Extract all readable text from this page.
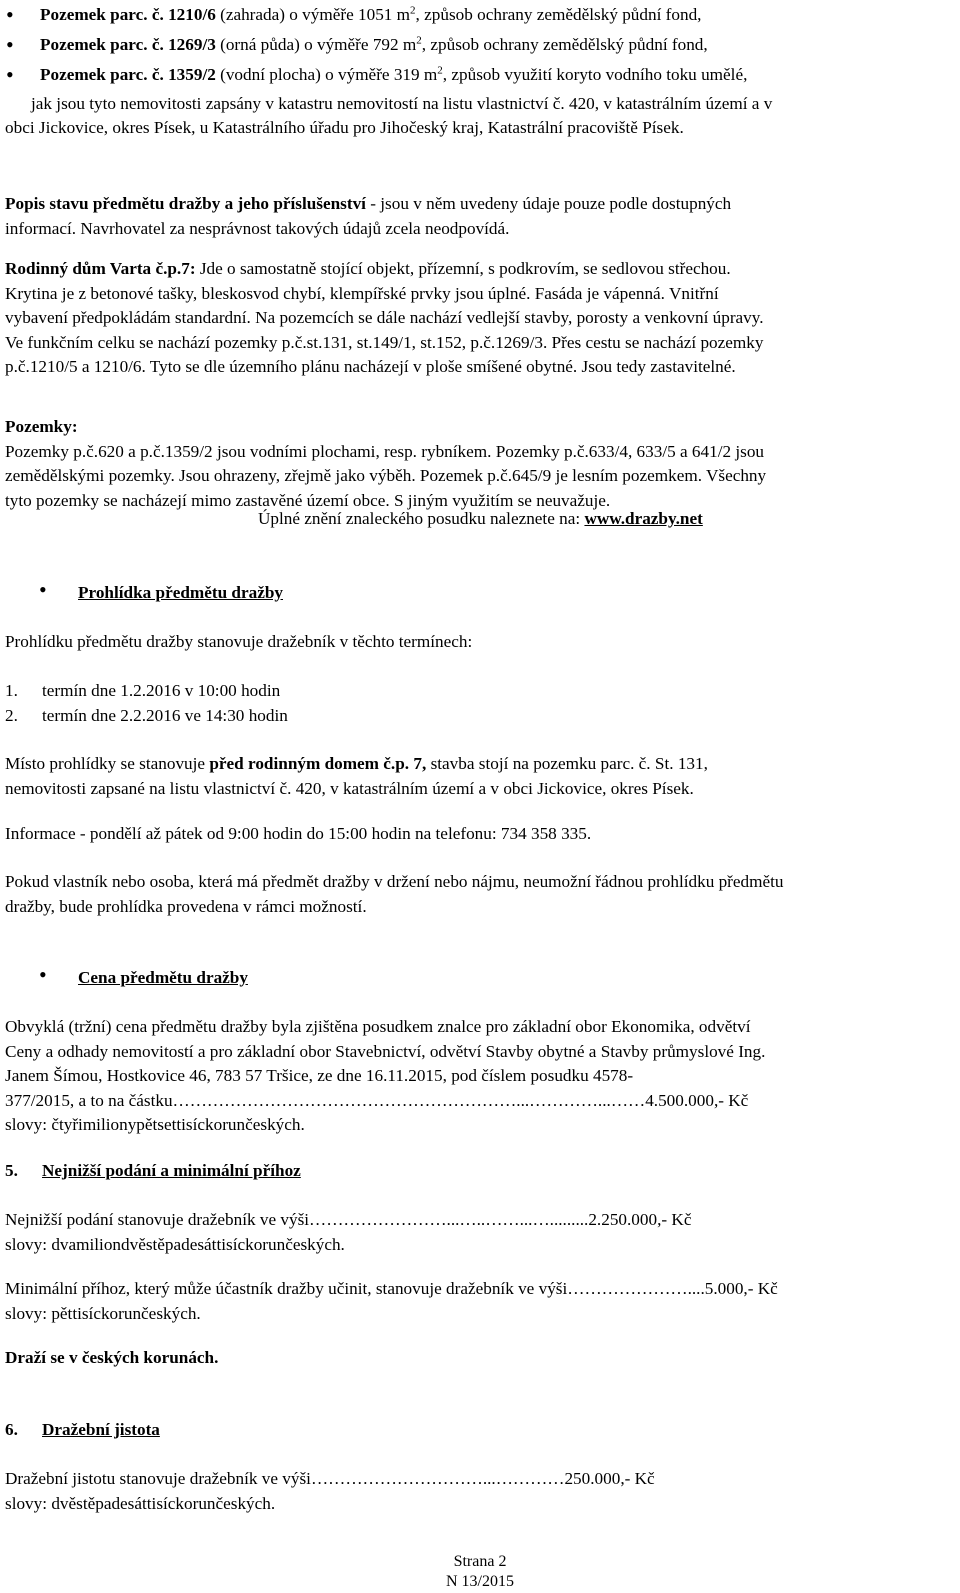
• Pozemek parc. č. 1210/6 (zahrada) o výměře 1051 $m^2$, způsob ochrany zemědělský půdní fond,
• Pozemek parc. č. 1269/3 (orná půda) o výměře 792 $m^2$, způsob ochrany zemědělský půdní fond,
• Pozemek parc. č. 1359/2 (vodní plocha) o výměře 319 $m^2$, způsob využití koryto vodního toku umělé,
jak jsou tyto nemovitosti zapsány v katastru nemovitostí na listu vlastnictví č. 420, v katastrálním území a v
obci Jickovice, okres Písek, u Katastrálního úřadu pro Jihočeský kraj, Katastrální pracoviště Písek.
Popis stavu předmětu dražby a jeho příslušenství - jsou v něm uvedeny údaje pouze podle dostupných
informací. Navrhovatel za nesprávnost takových údajů zcela neodpovídá.
Rodinný dům Varta č.p.7: Jde o samostatně stojící objekt, přízemní, s podkrovím, se sedlovou střechou.
Krytina je z betonové tašky, bleskosvod chybí, klempířské prvky jsou úplné. Fasáda je vápenná. Vnitřní
vybavení předpokládám standardní. Na pozemcích se dále nachází vedlejší stavby, porosty a venkovní úpravy.
Ve funkčním celku se nachází pozemky p.č.st.131, st.149/1, st.152, p.č.1269/3. Přes cestu se nachází pozemky
p.č.1210/5 a 1210/6. Tyto se dle územního plánu nacházejí v ploše smíšené obytné. Jsou tedy zastavitelné.
Pozemky:
Pozemky p.č.620 a p.č.1359/2 jsou vodními plochami, resp. rybníkem. Pozemky p.č.633/4, 633/5 a 641/2 jsou
zemědělskými pozemky. Jsou ohrazeny, zřejmě jako výběh. Pozemek p.č.645/9 je lesním pozemkem. Všechny
tyto pozemky se nacházejí mimo zastavěné území obce. S jiným využitím se neuvažuje.
Úplné znění znaleckého posudku naleznete na: www.drazby.net
• Prohlídka předmětu dražby
Prohlídku předmětu dražby stanovuje dražebník v těchto termínech:
1. termín dne 1.2.2016 v 10:00 hodin
2. termín dne 2.2.2016 ve 14:30 hodin
Místo prohlídky se stanovuje před rodinným domem č.p. 7, stavba stojí na pozemku parc. č. St. 131,
nemovitosti zapsané na listu vlastnictví č. 420, v katastrálním území a v obci Jickovice, okres Písek.
Informace - pondělí až pátek od 9:00 hodin do 15:00 hodin na telefonu: 734 358 335.
Pokud vlastník nebo osoba, která má předmět dražby v držení nebo nájmu, neumožní řádnou prohlídku předmětu
dražby, bude prohlídka provedena v rámci možností.
• Cena předmětu dražby
Obvyklá (tržní) cena předmětu dražby byla zjištěna posudkem znalce pro základní obor Ekonomika, odvětví
Ceny a odhady nemovitostí a pro základní obor Stavebnictví, odvětví Stavby obytné a Stavby průmyslové Ing.
Janem Šímou, Hostkovice 46, 783 57 Tršice, ze dne 16.11.2015, pod číslem posudku 4578-
377/2015, a to na částku……………………………………………………...…………...……4.500.000,- Kč
slovy: čtyřimilionypětsettisíckorunčeských.
5. Nejnižší podání a minimální příhoz
Nejnižší podání stanovuje dražebník ve výši……………………...…..……...….........2.250.000,- Kč
slovy: dvamiliondvěstěpadesáttisíckorunčeských.
Minimální příhoz, který může účastník dražby učinit, stanovuje dražebník ve výši…………………....5.000,- Kč
slovy: pěttisíckorunčeských.
Draží se v českých korunách.
6. Dražební jistota
Dražební jistotu stanovuje dražebník ve výši…………………………...…………250.000,- Kč
slovy: dvěstěpadesáttisíckorunčeských.
Strana 2
N 13/2015
